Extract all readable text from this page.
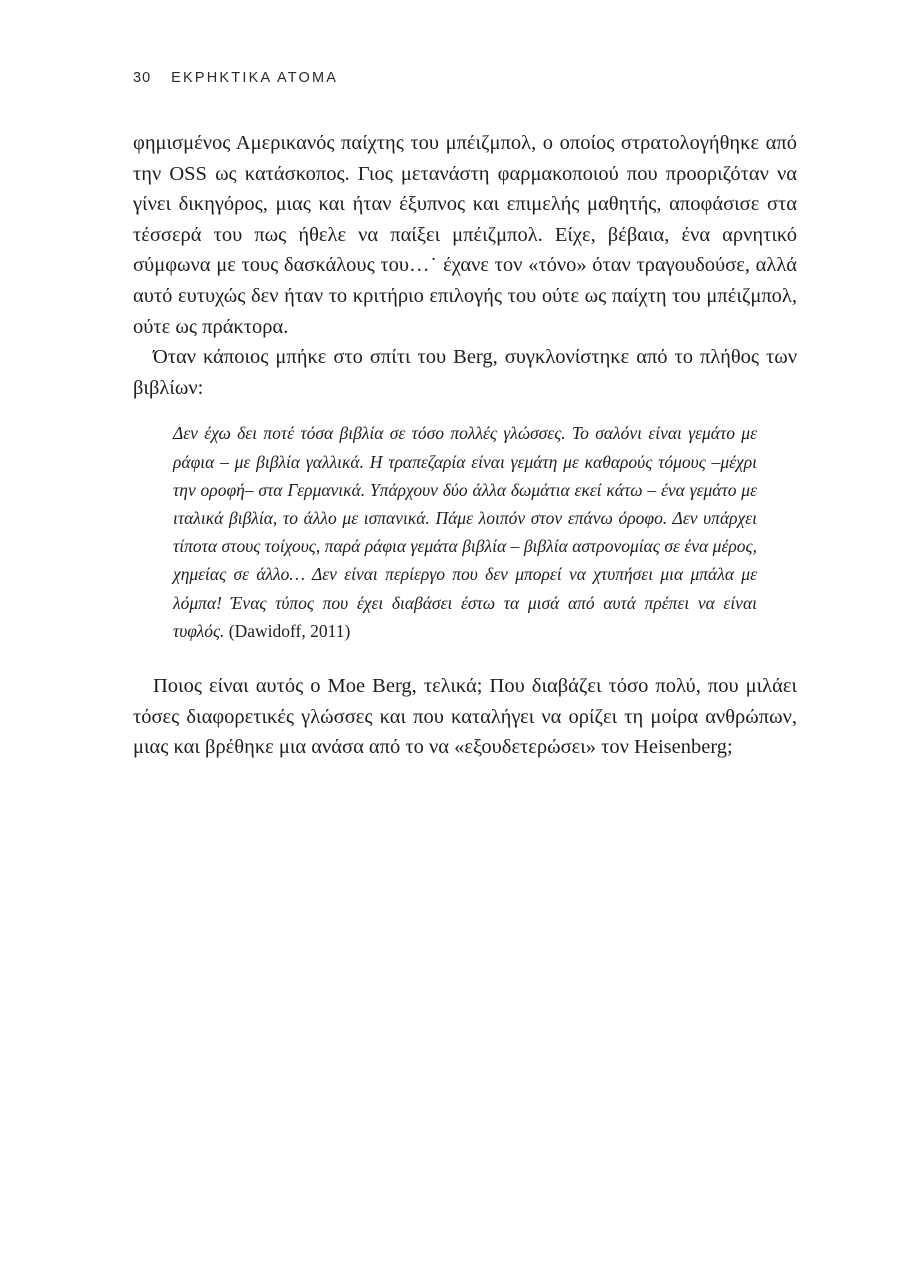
30 ΕΚΡΗΚΤΙΚΑ ΑΤΟΜΑ

φημισμένος Αμερικανός παίχτης του μπέιζμπολ, ο οποίος στρατολογήθηκε από την OSS ως κατάσκοπος. Γιος μετανάστη φαρμακοποιού που προοριζόταν να γίνει δικηγόρος, μιας και ήταν έξυπνος και επιμελής μαθητής, αποφάσισε στα τέσσερά του πως ήθελε να παίξει μπέιζμπολ. Είχε, βέβαια, ένα αρνητικό σύμφωνα με τους δασκάλους του…˙ έχανε τον «τόνο» όταν τραγουδούσε, αλλά αυτό ευτυχώς δεν ήταν το κριτήριο επιλογής του ούτε ως παίχτη του μπέιζμπολ, ούτε ως πράκτορα.

Όταν κάποιος μπήκε στο σπίτι του Berg, συγκλονίστηκε από το πλήθος των βιβλίων:

Δεν έχω δει ποτέ τόσα βιβλία σε τόσο πολλές γλώσσες. Το σαλόνι είναι γεμάτο με ράφια – με βιβλία γαλλικά. Η τραπεζαρία είναι γεμάτη με καθαρούς τόμους –μέχρι την οροφή– στα Γερμανικά. Υπάρχουν δύο άλλα δωμάτια εκεί κάτω – ένα γεμάτο με ιταλικά βιβλία, το άλλο με ισπανικά. Πάμε λοιπόν στον επάνω όροφο. Δεν υπάρχει τίποτα στους τοίχους, παρά ράφια γεμάτα βιβλία – βιβλία αστρονομίας σε ένα μέρος, χημείας σε άλλο… Δεν είναι περίεργο που δεν μπορεί να χτυπήσει μια μπάλα με λόμπα! Ένας τύπος που έχει διαβάσει έστω τα μισά από αυτά πρέπει να είναι τυφλός. (Dawidoff, 2011)

Ποιος είναι αυτός ο Moe Berg, τελικά; Που διαβάζει τόσο πολύ, που μιλάει τόσες διαφορετικές γλώσσες και που καταλήγει να ορίζει τη μοίρα ανθρώπων, μιας και βρέθηκε μια ανάσα από το να «εξουδετερώσει» τον Heisenberg;
